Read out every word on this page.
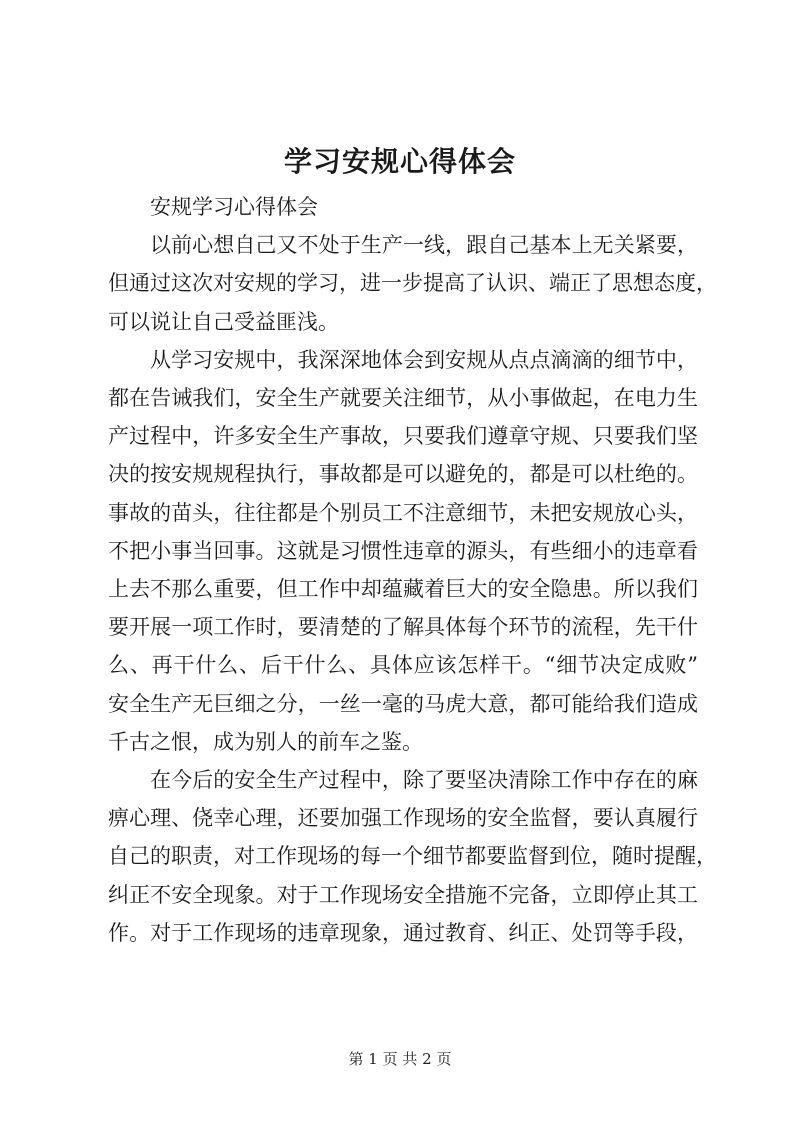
学习安规心得体会
安规学习心得体会
以前心想自己又不处于生产一线，跟自己基本上无关紧要，
但通过这次对安规的学习，进一步提高了认识、端正了思想态度，
可以说让自己受益匪浅。
从学习安规中，我深深地体会到安规从点点滴滴的细节中，
都在告诫我们，安全生产就要关注细节，从小事做起，在电力生
产过程中，许多安全生产事故，只要我们遵章守规、只要我们坚
决的按安规规程执行，事故都是可以避免的，都是可以杜绝的。
事故的苗头，往往都是个别员工不注意细节，未把安规放心头，
不把小事当回事。这就是习惯性违章的源头，有些细小的违章看
上去不那么重要，但工作中却蕴藏着巨大的安全隐患。所以我们
要开展一项工作时，要清楚的了解具体每个环节的流程，先干什
么、再干什么、后干什么、具体应该怎样干。“细节决定成败”
安全生产无巨细之分，一丝一毫的马虎大意，都可能给我们造成
千古之恨，成为别人的前车之鉴。
在今后的安全生产过程中，除了要坚决清除工作中存在的麻
痹心理、侥幸心理，还要加强工作现场的安全监督，要认真履行
自己的职责，对工作现场的每一个细节都要监督到位，随时提醒，
纠正不安全现象。对于工作现场安全措施不完备，立即停止其工
作。对于工作现场的违章现象，通过教育、纠正、处罚等手段，
第 1 页 共 2 页
